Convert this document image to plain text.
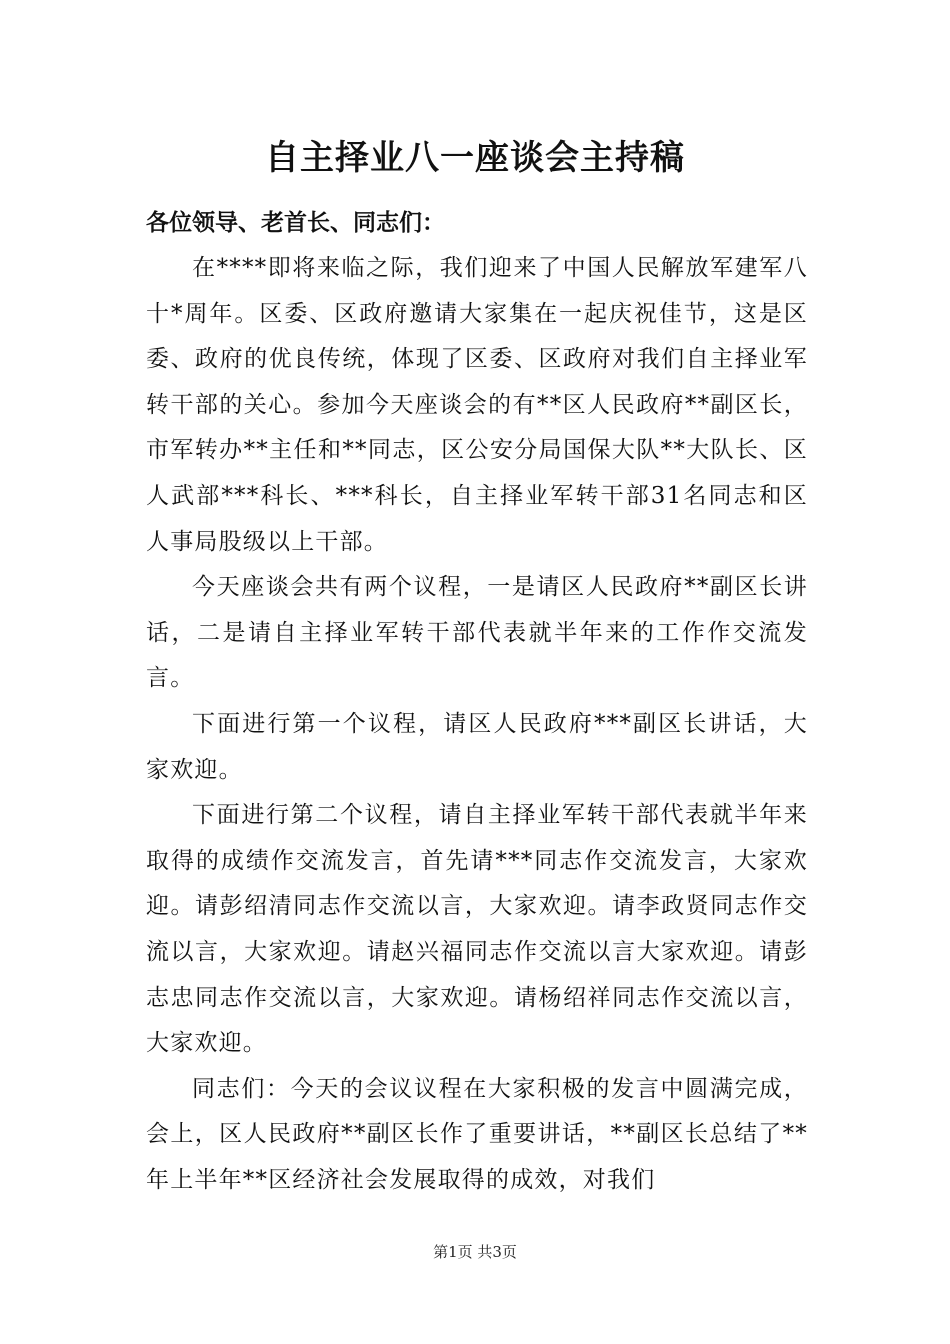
自主择业八一座谈会主持稿
各位领导、老首长、同志们：

在****即将来临之际，我们迎来了中国人民解放军建军八十*周年。区委、区政府邀请大家集在一起庆祝佳节，这是区委、政府的优良传统，体现了区委、区政府对我们自主择业军转干部的关心。参加今天座谈会的有**区人民政府**副区长，市军转办**主任和**同志，区公安分局国保大队**大队长、区人武部***科长、***科长，自主择业军转干部31名同志和区人事局股级以上干部。

今天座谈会共有两个议程，一是请区人民政府**副区长讲话，二是请自主择业军转干部代表就半年来的工作作交流发言。

下面进行第一个议程，请区人民政府***副区长讲话，大家欢迎。

下面进行第二个议程，请自主择业军转干部代表就半年来取得的成绩作交流发言，首先请***同志作交流发言，大家欢迎。请彭绍清同志作交流以言，大家欢迎。请李政贤同志作交流以言，大家欢迎。请赵兴福同志作交流以言大家欢迎。请彭志忠同志作交流以言，大家欢迎。请杨绍祥同志作交流以言，大家欢迎。

同志们：今天的会议议程在大家积极的发言中圆满完成，会上，区人民政府**副区长作了重要讲话，**副区长总结了**年上半年**区经济社会发展取得的成效，对我们

第1页 共3页
